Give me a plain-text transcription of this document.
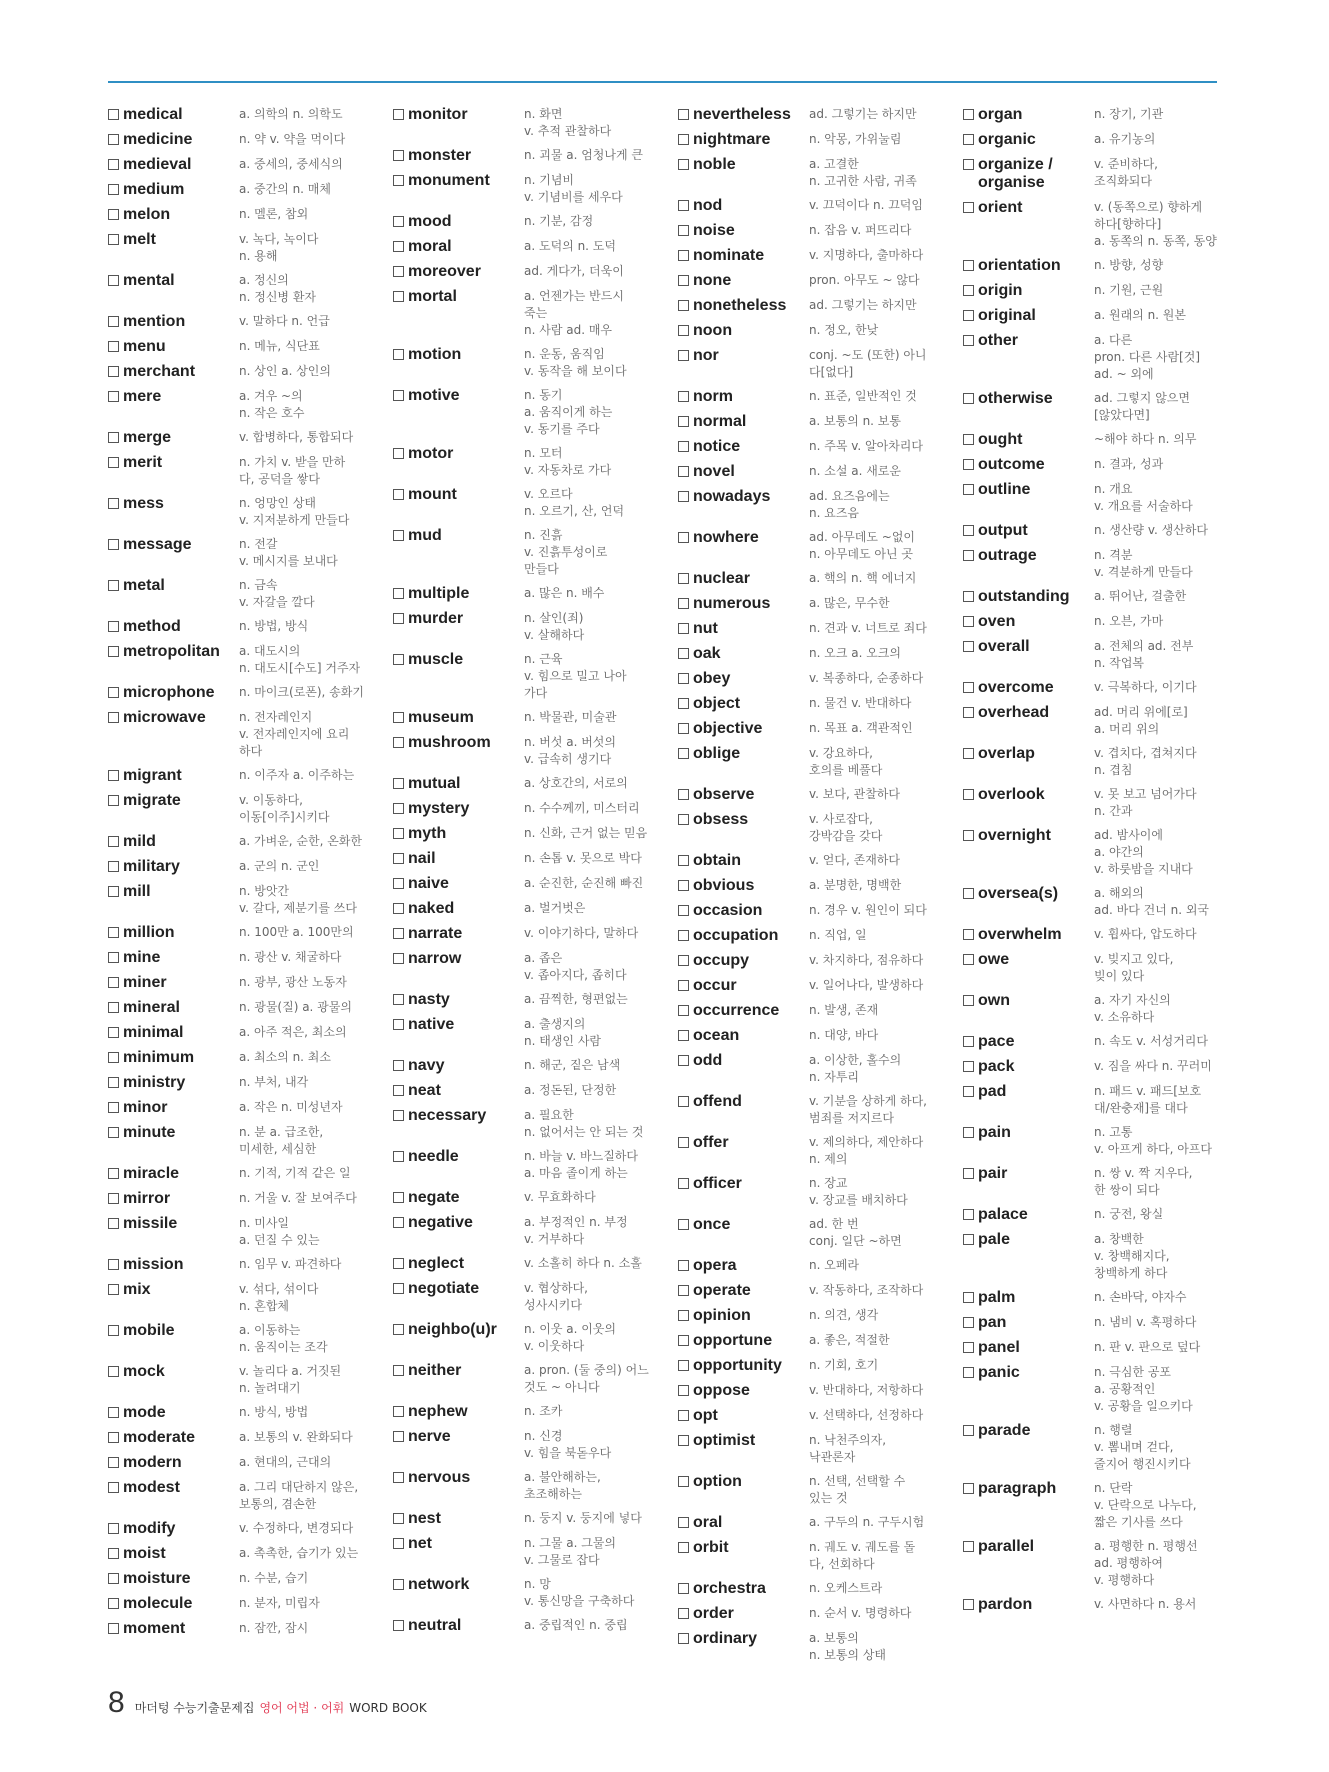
medical	a. 의학의 n. 의학도
medicine	n. 약 v. 약을 먹이다
medieval	a. 중세의, 중세식의
medium	a. 중간의 n. 매체
melon	n. 멜론, 참외
melt	v. 녹다, 녹이다
n. 용해
mental	a. 정신의
n. 정신병 환자
mention	v. 말하다 n. 언급
menu	n. 메뉴, 식단표
merchant	n. 상인 a. 상인의
mere	a. 겨우 ~의
n. 작은 호수
merge	v. 합병하다, 통합되다
merit	n. 가치 v. 받을 만하
다, 공덕을 쌓다
mess	n. 엉망인 상태
v. 지저분하게 만들다
message	n. 전갈
v. 메시지를 보내다
metal	n. 금속
v. 자갈을 깔다
method	n. 방법, 방식
metropolitan a. 대도시의
n. 대도시[수도] 거주자
microphone n. 마이크(로폰), 송화기
microwave	n. 전자레인지
v. 전자레인지에 요리
하다
migrant	n. 이주자 a. 이주하는
migrate	v. 이동하다,
이동[이주]시키다
mild	a. 가벼운, 순한, 온화한
military	a. 군의 n. 군인
mill	n. 방앗간
v. 갈다, 제분기를 쓰다
million	n. 100만 a. 100만의
mine	n. 광산 v. 채굴하다
miner	n. 광부, 광산 노동자
mineral	n. 광물(질) a. 광물의
minimal	a. 아주 적은, 최소의
minimum	a. 최소의 n. 최소
ministry	n. 부처, 내각
minor	a. 작은 n. 미성년자
minute	n. 분 a. 급조한,
미세한, 세심한
miracle	n. 기적, 기적 같은 일
mirror	n. 거울 v. 잘 보여주다
missile	n. 미사일
a. 던질 수 있는
mission	n. 임무 v. 파견하다
mix	v. 섞다, 섞이다
n. 혼합체
mobile	a. 이동하는
n. 움직이는 조각
mock	v. 놀리다 a. 거짓된
n. 놀려대기
mode	n. 방식, 방법
moderate	a. 보통의 v. 완화되다
modern	a. 현대의, 근대의
modest	a. 그리 대단하지 않은,
보통의, 겸손한
modify	v. 수정하다, 변경되다
moist	a. 촉촉한, 습기가 있는
moisture	n. 수분, 습기
molecule	n. 분자, 미립자
moment	n. 잠깐, 잠시
monitor	n. 화면
v. 추적 관찰하다
monster	n. 괴물 a. 엄청나게 큰
monument	n. 기념비
v. 기념비를 세우다
mood	n. 기분, 감정
moral	a. 도덕의 n. 도덕
moreover	ad. 게다가, 더욱이
mortal	a. 언젠가는 반드시
죽는
n. 사람 ad. 매우
motion	n. 운동, 움직임
v. 동작을 해 보이다
motive	n. 동기
a. 움직이게 하는
v. 동기를 주다
motor	n. 모터
v. 자동차로 가다
mount	v. 오르다
n. 오르기, 산, 언덕
mud	n. 진흙
v. 진흙투성이로
만들다
multiple	a. 많은 n. 배수
murder	n. 살인(죄)
v. 살해하다
muscle	n. 근육
v. 힘으로 밀고 나아
가다
museum	n. 박물관, 미술관
mushroom	n. 버섯 a. 버섯의
v. 급속히 생기다
mutual	a. 상호간의, 서로의
mystery	n. 수수께끼, 미스터리
myth	n. 신화, 근거 없는 믿음
nail	n. 손톱 v. 못으로 박다
naive	a. 순진한, 순진해 빠진
naked	a. 벌거벗은
narrate	v. 이야기하다, 말하다
narrow	a. 좁은
v. 좁아지다, 좁히다
nasty	a. 끔찍한, 형편없는
native	a. 출생지의
n. 태생인 사람
navy	n. 해군, 짙은 남색
neat	a. 정돈된, 단정한
necessary	a. 필요한
n. 없어서는 안 되는 것
needle	n. 바늘 v. 바느질하다
a. 마음 졸이게 하는
negate	v. 무효화하다
negative	a. 부정적인 n. 부정
v. 거부하다
neglect	v. 소홀히 하다 n. 소홀
negotiate	v. 협상하다,
성사시키다
neighbo(u)r n. 이웃 a. 이웃의
v. 이웃하다
neither	a. pron. (둘 중의) 어느
것도 ~ 아니다
nephew	n. 조카
nerve	n. 신경
v. 힘을 북돋우다
nervous	a. 불안해하는,
초조해하는
nest	n. 둥지 v. 둥지에 넣다
net	n. 그물 a. 그물의
v. 그물로 잡다
network	n. 망
v. 통신망을 구축하다
neutral	a. 중립적인 n. 중립
nevertheless ad. 그렇기는 하지만
nightmare	n. 악몽, 가위눌림
noble	a. 고결한
n. 고귀한 사람, 귀족
nod	v. 끄덕이다 n. 끄덕임
noise	n. 잡음 v. 퍼뜨리다
nominate	v. 지명하다, 출마하다
none	pron. 아무도 ~ 않다
nonetheless ad. 그렇기는 하지만
noon	n. 정오, 한낮
nor	conj. ~도 (또한) 아니
다[없다]
norm	n. 표준, 일반적인 것
normal	a. 보통의 n. 보통
notice	n. 주목 v. 알아차리다
novel	n. 소설 a. 새로운
nowadays	ad. 요즈음에는
n. 요즈음
nowhere	ad. 아무데도 ~없이
n. 아무데도 아닌 곳
nuclear	a. 핵의 n. 핵 에너지
numerous	a. 많은, 무수한
nut	n. 견과 v. 너트로 죄다
oak	n. 오크 a. 오크의
obey	v. 복종하다, 순종하다
object	n. 물건 v. 반대하다
objective	n. 목표 a. 객관적인
oblige	v. 강요하다,
호의를 베풀다
observe	v. 보다, 관찰하다
obsess	v. 사로잡다,
강박감을 갖다
obtain	v. 얻다, 존재하다
obvious	a. 분명한, 명백한
occasion	n. 경우 v. 원인이 되다
occupation	n. 직업, 일
occupy	v. 차지하다, 점유하다
occur	v. 일어나다, 발생하다
occurrence n. 발생, 존재
ocean	n. 대양, 바다
odd	a. 이상한, 홀수의
n. 자투리
offend	v. 기분을 상하게 하다,
범죄를 저지르다
offer	v. 제의하다, 제안하다
n. 제의
officer	n. 장교
v. 장교를 배치하다
once	ad. 한 번
conj. 일단 ~하면
opera	n. 오페라
operate	v. 작동하다, 조작하다
opinion	n. 의견, 생각
opportune	a. 좋은, 적절한
opportunity n. 기회, 호기
oppose	v. 반대하다, 저항하다
opt	v. 선택하다, 선정하다
optimist	n. 낙천주의자,
낙관론자
option	n. 선택, 선택할 수
있는 것
oral	a. 구두의 n. 구두시험
orbit	n. 궤도 v. 궤도를 돌
다, 선회하다
orchestra	n. 오케스트라
order	n. 순서 v. 명령하다
ordinary	a. 보통의
n. 보통의 상태
organ	n. 장기, 기관
organic	a. 유기농의
organize /
organise
v. 준비하다,
조직화되다
orient	v. (동쪽으로) 향하게
하다[향하다]
a. 동쪽의 n. 동쪽, 동양
orientation	n. 방향, 성향
origin	n. 기원, 근원
original	a. 원래의 n. 원본
other	a. 다른
pron. 다른 사람[것]
ad. ~ 외에
otherwise	ad. 그렇지 않으면
[않았다면]
ought	~해야 하다 n. 의무
outcome	n. 결과, 성과
outline	n. 개요
v. 개요를 서술하다
output	n. 생산량 v. 생산하다
outrage	n. 격분
v. 격분하게 만들다
outstanding a. 뛰어난, 걸출한
oven	n. 오븐, 가마
overall	a. 전체의 ad. 전부
n. 작업복
overcome	v. 극복하다, 이기다
overhead	ad. 머리 위에[로]
a. 머리 위의
overlap	v. 겹치다, 겹쳐지다
n. 겹침
overlook	v. 못 보고 넘어가다
n. 간과
overnight	ad. 밤사이에
a. 야간의
v. 하룻밤을 지내다
oversea(s)	a. 해외의
ad. 바다 건너 n. 외국
overwhelm	v. 휩싸다, 압도하다
owe	v. 빚지고 있다,
빚이 있다
own	a. 자기 자신의
v. 소유하다
pace	n. 속도 v. 서성거리다
pack	v. 짐을 싸다 n. 꾸러미
pad	n. 패드 v. 패드[보호
대/완충재]를 대다
pain	n. 고통
v. 아프게 하다, 아프다
pair	n. 쌍 v. 짝 지우다,
한 쌍이 되다
palace	n. 궁전, 왕실
pale	a. 창백한
v. 창백해지다,
창백하게 하다
palm	n. 손바닥, 야자수
pan	n. 냄비 v. 혹평하다
panel	n. 판 v. 판으로 덮다
panic	n. 극심한 공포
a. 공황적인
v. 공황을 일으키다
parade	n. 행렬
v. 뽐내며 걷다,
줄지어 행진시키다
paragraph	n. 단락
v. 단락으로 나누다,
짧은 기사를 쓰다
parallel	a. 평행한 n. 평행선
ad. 평행하여
v. 평행하다
pardon	v. 사면하다 n. 용서
8 마더텅 수능기출문제집 영어 어법 · 어휘 WORD BOOK
